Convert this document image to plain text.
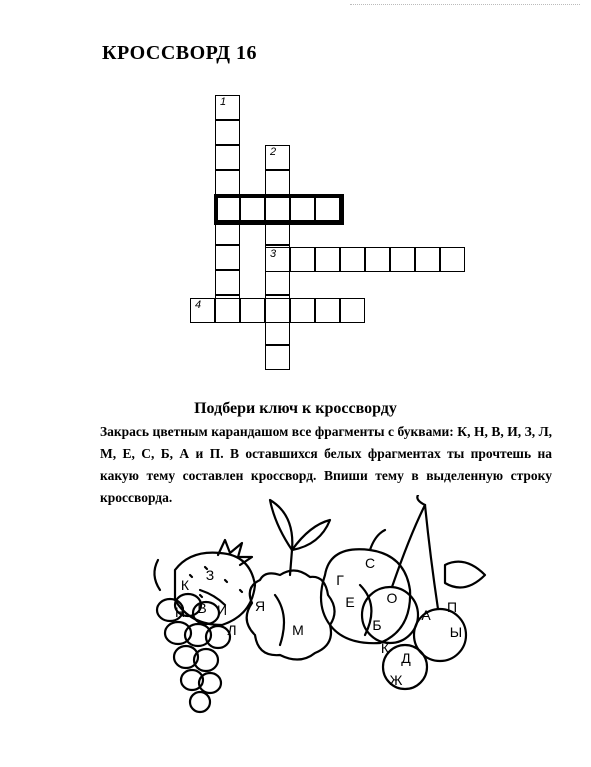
КРОССВОРД 16
1
2
3
4
Подбери ключ к кроссворду
Закрась цветным карандашом все фрагменты с буквами: К, Н, В, И, З, Л, М, Е, С, Б, А и П. В оставшихся белых фрагментах ты прочтешь на какую тему составлен кроссворд. Впиши тему в выделенную строку кроссворда.
З
К
Н В И
Л
Я
М
Г
С
Е
Б
О
А П
Ы
К
Д
Ж
